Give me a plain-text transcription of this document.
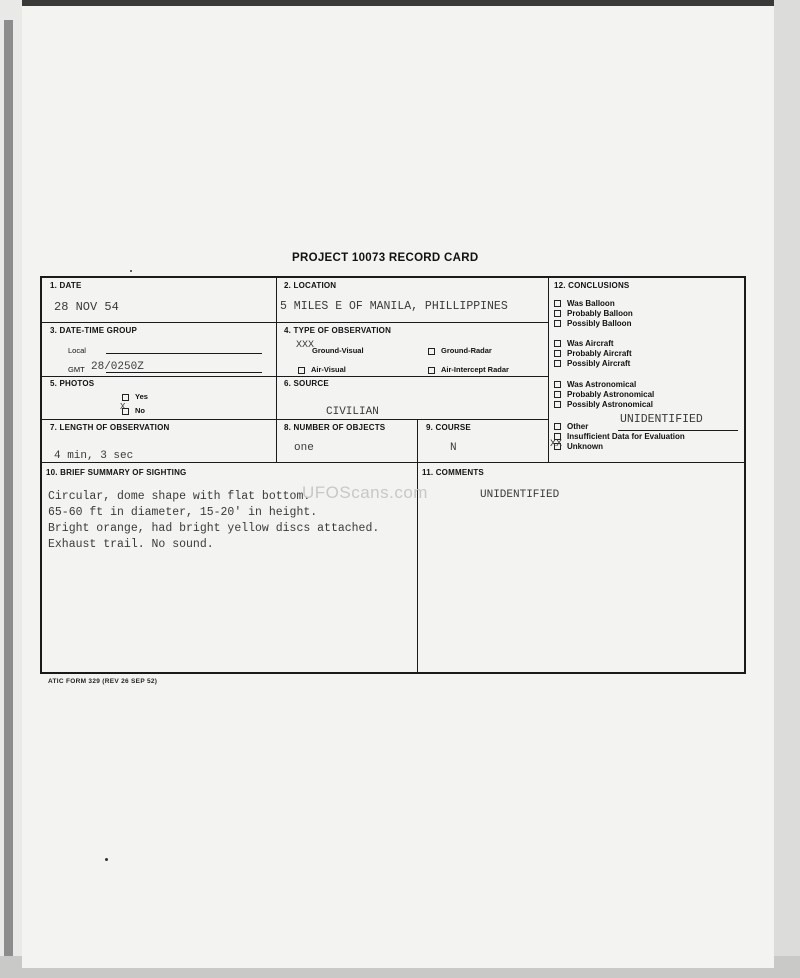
PROJECT 10073 RECORD CARD
1. DATE
28 NOV 54
2. LOCATION
5 MILES E OF MANILA, PHILLIPPINES
3. DATE-TIME GROUP
Local
GMT 28/0250Z
4. TYPE OF OBSERVATION
XXX
Ground-Visual	Ground-Radar
Air-Visual	Air-Intercept Radar
5. PHOTOS
Yes
X	No
6. SOURCE
CIVILIAN
7. LENGTH OF OBSERVATION
4 min, 3 sec
8. NUMBER OF OBJECTS
one
9. COURSE
N
10. BRIEF SUMMARY OF SIGHTING
Circular, dome shape with flat bottom.
65-60 ft in diameter, 15-20' in height.
Bright orange, had bright yellow discs attached.
Exhaust trail. No sound.
11. COMMENTS
UNIDENTIFIED
12. CONCLUSIONS
Was Balloon
Probably Balloon
Possibly Balloon
Was Aircraft
Probably Aircraft
Possibly Aircraft
Was Astronomical
Probably Astronomical
Possibly Astronomical
Other
Insufficient Data for Evaluation
Unknown
UNIDENTIFIED
XX
UFOScans.com
ATIC FORM 329 (REV 26 SEP 52)
